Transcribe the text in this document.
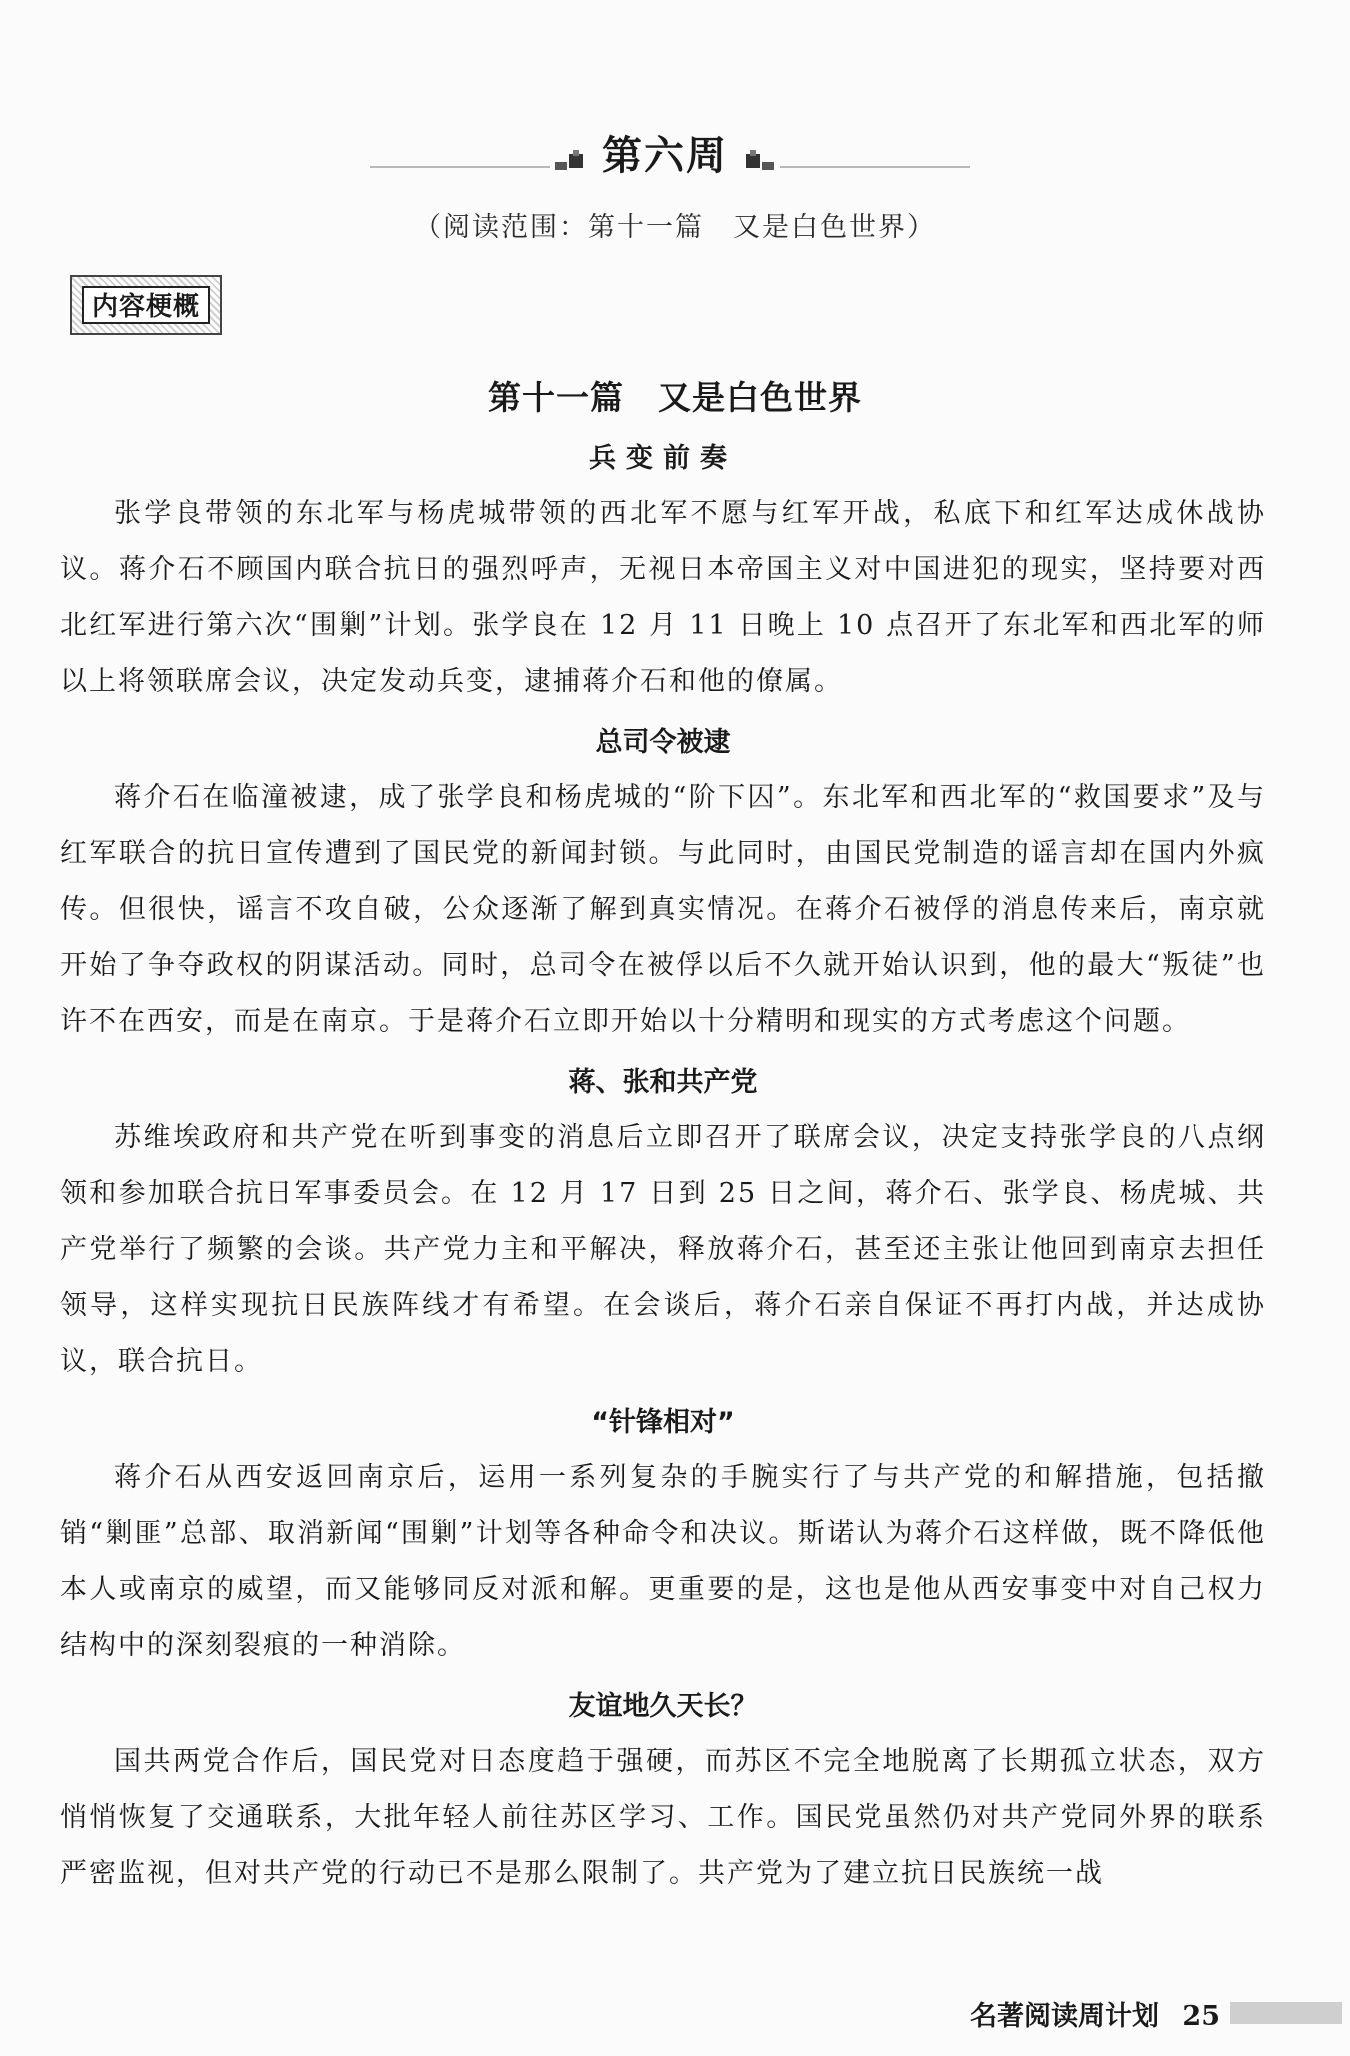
第六周
（阅读范围：第十一篇　又是白色世界）
内容梗概
第十一篇　又是白色世界
兵变前奏

张学良带领的东北军与杨虎城带领的西北军不愿与红军开战，私底下和红军达成休战协议。蒋介石不顾国内联合抗日的强烈呼声，无视日本帝国主义对中国进犯的现实，坚持要对西北红军进行第六次“围剿”计划。张学良在 12 月 11 日晚上 10 点召开了东北军和西北军的师以上将领联席会议，决定发动兵变，逮捕蒋介石和他的僚属。

总司令被逮

蒋介石在临潼被逮，成了张学良和杨虎城的“阶下囚”。东北军和西北军的“救国要求”及与红军联合的抗日宣传遭到了国民党的新闻封锁。与此同时，由国民党制造的谣言却在国内外疯传。但很快，谣言不攻自破，公众逐渐了解到真实情况。在蒋介石被俘的消息传来后，南京就开始了争夺政权的阴谋活动。同时，总司令在被俘以后不久就开始认识到，他的最大“叛徒”也许不在西安，而是在南京。于是蒋介石立即开始以十分精明和现实的方式考虑这个问题。

蒋、张和共产党

苏维埃政府和共产党在听到事变的消息后立即召开了联席会议，决定支持张学良的八点纲领和参加联合抗日军事委员会。在 12 月 17 日到 25 日之间，蒋介石、张学良、杨虎城、共产党举行了频繁的会谈。共产党力主和平解决，释放蒋介石，甚至还主张让他回到南京去担任领导，这样实现抗日民族阵线才有希望。在会谈后，蒋介石亲自保证不再打内战，并达成协议，联合抗日。

“针锋相对”

蒋介石从西安返回南京后，运用一系列复杂的手腕实行了与共产党的和解措施，包括撤销“剿匪”总部、取消新闻“围剿”计划等各种命令和决议。斯诺认为蒋介石这样做，既不降低他本人或南京的威望，而又能够同反对派和解。更重要的是，这也是他从西安事变中对自己权力结构中的深刻裂痕的一种消除。

友谊地久天长？

国共两党合作后，国民党对日态度趋于强硬，而苏区不完全地脱离了长期孤立状态，双方悄悄恢复了交通联系，大批年轻人前往苏区学习、工作。国民党虽然仍对共产党同外界的联系严密监视，但对共产党的行动已不是那么限制了。共产党为了建立抗日民族统一战

名著阅读周计划 25
